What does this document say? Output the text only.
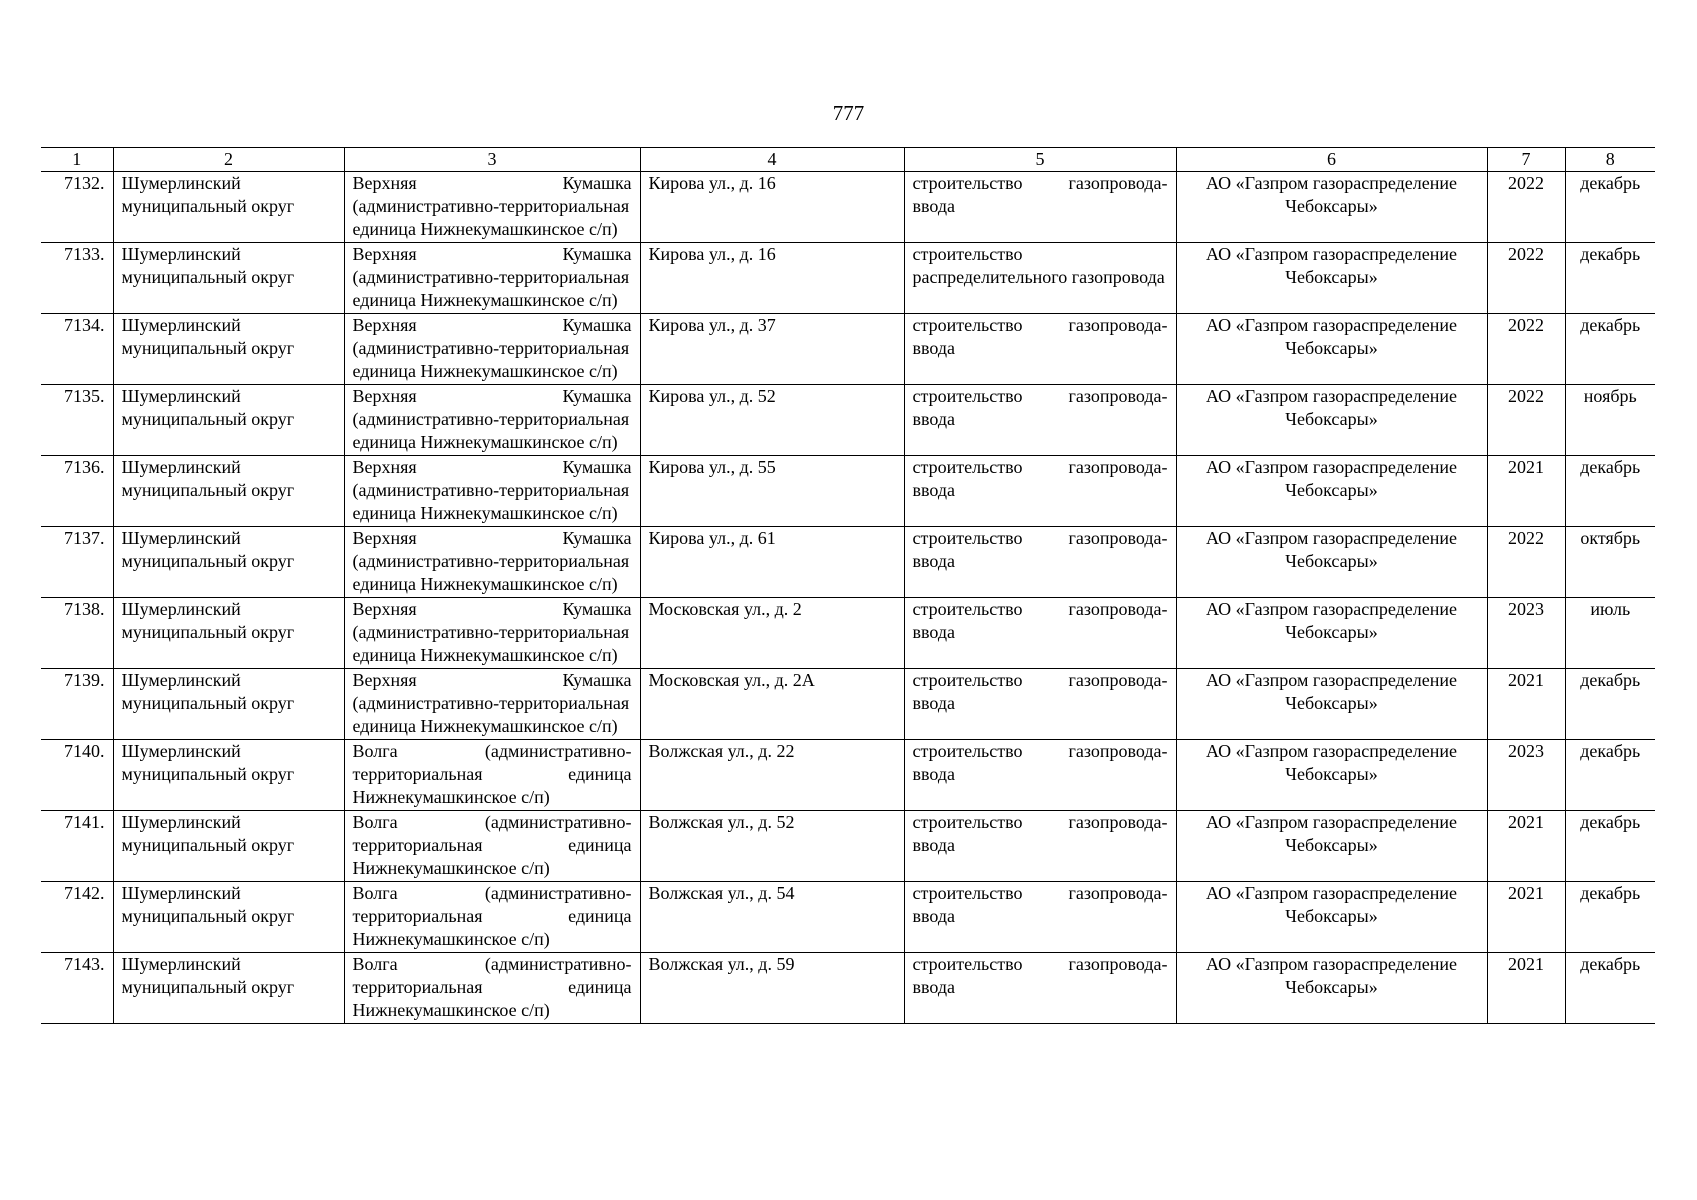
777
1	2	3	4	5	6	7	8
7132.	Шумерлинский муниципальный округ	Верхняя Кумашка (административно-территориальная единица Нижнекумашкинское с/п)	Кирова ул., д. 16	строительство газопровода-ввода	АО «Газпром газораспределение Чебоксары»	2022	декабрь
7133.	Шумерлинский муниципальный округ	Верхняя Кумашка (административно-территориальная единица Нижнекумашкинское с/п)	Кирова ул., д. 16	строительство распределительного газопровода	АО «Газпром газораспределение Чебоксары»	2022	декабрь
7134.	Шумерлинский муниципальный округ	Верхняя Кумашка (административно-территориальная единица Нижнекумашкинское с/п)	Кирова ул., д. 37	строительство газопровода-ввода	АО «Газпром газораспределение Чебоксары»	2022	декабрь
7135.	Шумерлинский муниципальный округ	Верхняя Кумашка (административно-территориальная единица Нижнекумашкинское с/п)	Кирова ул., д. 52	строительство газопровода-ввода	АО «Газпром газораспределение Чебоксары»	2022	ноябрь
7136.	Шумерлинский муниципальный округ	Верхняя Кумашка (административно-территориальная единица Нижнекумашкинское с/п)	Кирова ул., д. 55	строительство газопровода-ввода	АО «Газпром газораспределение Чебоксары»	2021	декабрь
7137.	Шумерлинский муниципальный округ	Верхняя Кумашка (административно-территориальная единица Нижнекумашкинское с/п)	Кирова ул., д. 61	строительство газопровода-ввода	АО «Газпром газораспределение Чебоксары»	2022	октябрь
7138.	Шумерлинский муниципальный округ	Верхняя Кумашка (административно-территориальная единица Нижнекумашкинское с/п)	Московская ул., д. 2	строительство газопровода-ввода	АО «Газпром газораспределение Чебоксары»	2023	июль
7139.	Шумерлинский муниципальный округ	Верхняя Кумашка (административно-территориальная единица Нижнекумашкинское с/п)	Московская ул., д. 2А	строительство газопровода-ввода	АО «Газпром газораспределение Чебоксары»	2021	декабрь
7140.	Шумерлинский муниципальный округ	Волга (административно-территориальная единица Нижнекумашкинское с/п)	Волжская ул., д. 22	строительство газопровода-ввода	АО «Газпром газораспределение Чебоксары»	2023	декабрь
7141.	Шумерлинский муниципальный округ	Волга (административно-территориальная единица Нижнекумашкинское с/п)	Волжская ул., д. 52	строительство газопровода-ввода	АО «Газпром газораспределение Чебоксары»	2021	декабрь
7142.	Шумерлинский муниципальный округ	Волга (административно-территориальная единица Нижнекумашкинское с/п)	Волжская ул., д. 54	строительство газопровода-ввода	АО «Газпром газораспределение Чебоксары»	2021	декабрь
7143.	Шумерлинский муниципальный округ	Волга (административно-территориальная единица Нижнекумашкинское с/п)	Волжская ул., д. 59	строительство газопровода-ввода	АО «Газпром газораспределение Чебоксары»	2021	декабрь
